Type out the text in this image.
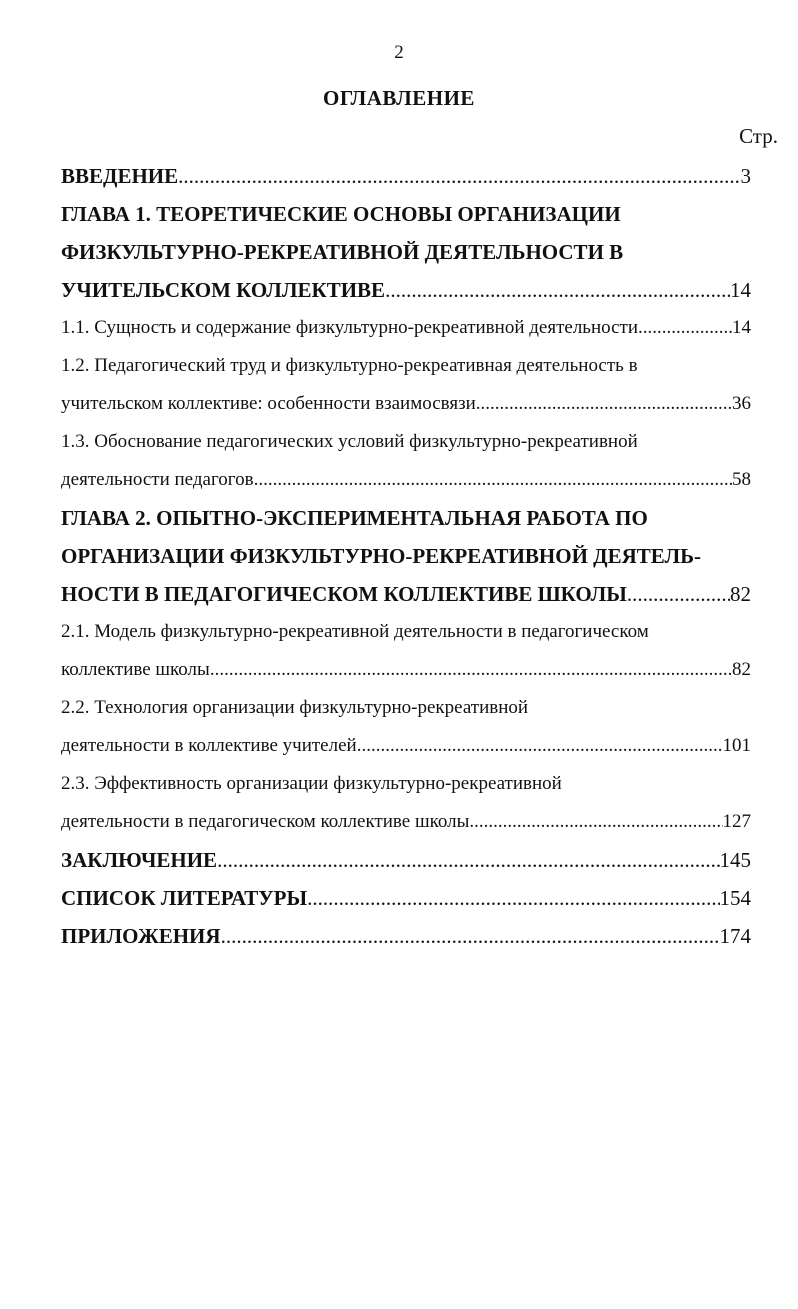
2
ОГЛАВЛЕНИЕ
Стр.
ВВЕДЕНИЕ .....	3
ГЛАВА 1. ТЕОРЕТИЧЕСКИЕ ОСНОВЫ ОРГАНИЗАЦИИ
ФИЗКУЛЬТУРНО-РЕКРЕАТИВНОЙ ДЕЯТЕЛЬНОСТИ В
УЧИТЕЛЬСКОМ КОЛЛЕКТИВЕ .....	14
1.1. Сущность и содержание физкультурно-рекреативной деятельности .....	14
1.2. Педагогический труд и физкультурно-рекреативная деятельность в
учительском коллективе: особенности взаимосвязи .....	36
1.3. Обоснование педагогических условий физкультурно-рекреативной
деятельности педагогов .....	58
ГЛАВА 2. ОПЫТНО-ЭКСПЕРИМЕНТАЛЬНАЯ РАБОТА ПО
ОРГАНИЗАЦИИ ФИЗКУЛЬТУРНО-РЕКРЕАТИВНОЙ ДЕЯТЕЛЬ-
НОСТИ В ПЕДАГОГИЧЕСКОМ КОЛЛЕКТИВЕ ШКОЛЫ .....	82
2.1. Модель физкультурно-рекреативной деятельности в педагогическом
коллективе школы .....	82
2.2. Технология организации физкультурно-рекреативной
деятельности в коллективе учителей .....	101
2.3. Эффективность организации физкультурно-рекреативной
деятельности в педагогическом коллективе школы .....	127
ЗАКЛЮЧЕНИЕ .....	145
СПИСОК ЛИТЕРАТУРЫ .....	154
ПРИЛОЖЕНИЯ .....	174
